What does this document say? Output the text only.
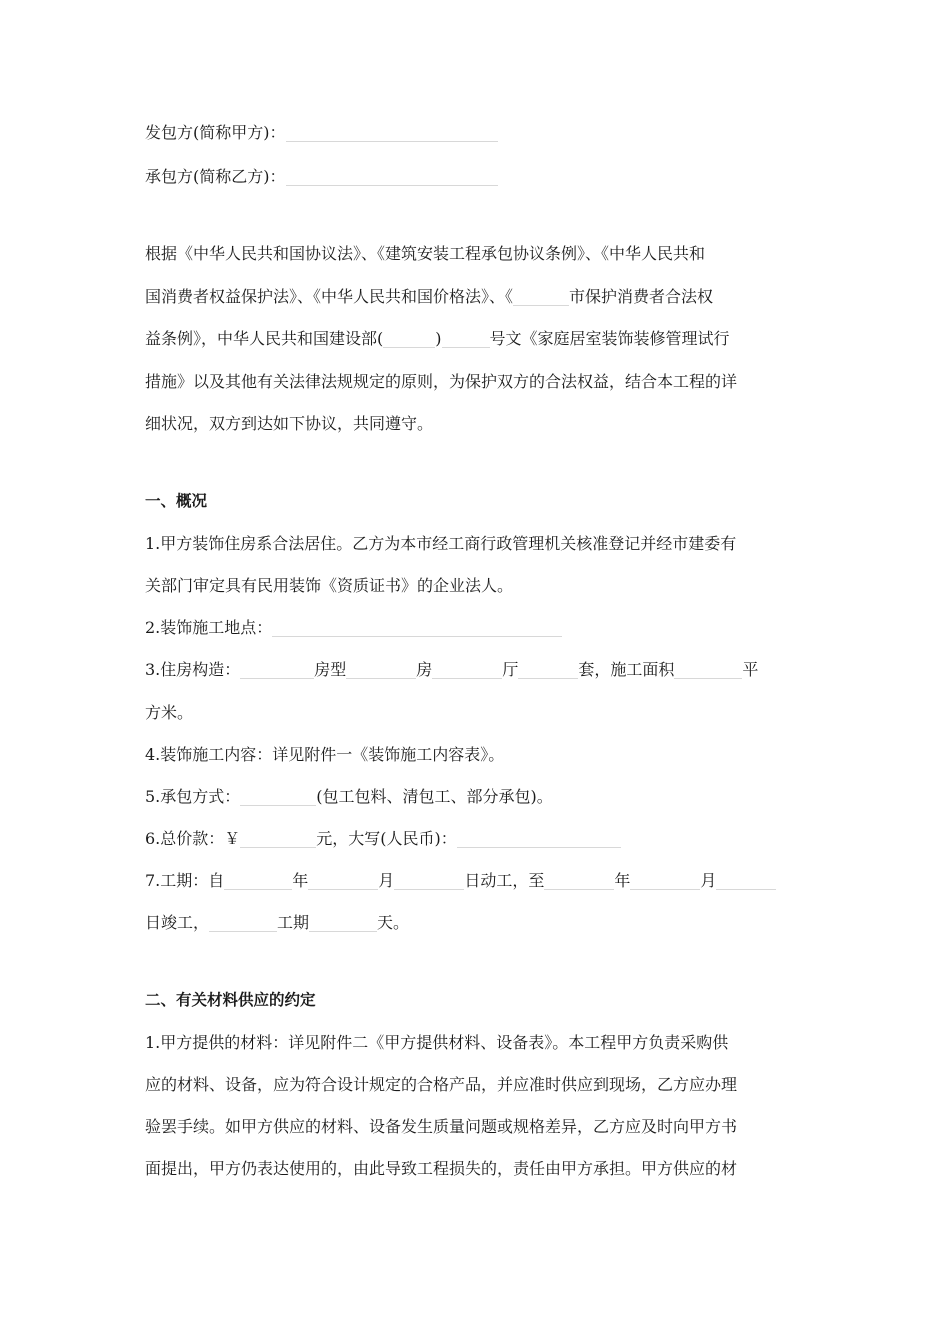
发包方(简称甲方)：
承包方(简称乙方)：
根据《中华人民共和国协议法》、《建筑安装工程承包协议条例》、《中华人民共和
国消费者权益保护法》、《中华人民共和国价格法》、《	市保护消费者合法权
益条例》，中华人民共和国建设部(	)	号文《家庭居室装饰装修管理试行
措施》以及其他有关法律法规规定的原则，为保护双方的合法权益，结合本工程的详
细状况，双方到达如下协议，共同遵守。
一、概况
1.甲方装饰住房系合法居住。乙方为本市经工商行政管理机关核准登记并经市建委有
关部门审定具有民用装饰《资质证书》的企业法人。
2.装饰施工地点：
3.住房构造：	房型	房	厅	套，施工面积	平
方米。
4.装饰施工内容：详见附件一《装饰施工内容表》。
5.承包方式：	(包工包料、清包工、部分承包)。
6.总价款：￥	元，大写(人民币)：
7.工期：自	年	月	日动工，至	年	月
日竣工，	工期	天。
二、有关材料供应的约定
1.甲方提供的材料：详见附件二《甲方提供材料、设备表》。本工程甲方负责采购供
应的材料、设备，应为符合设计规定的合格产品，并应准时供应到现场，乙方应办理
验罢手续。如甲方供应的材料、设备发生质量问题或规格差异，乙方应及时向甲方书
面提出，甲方仍表达使用的，由此导致工程损失的，责任由甲方承担。甲方供应的材
